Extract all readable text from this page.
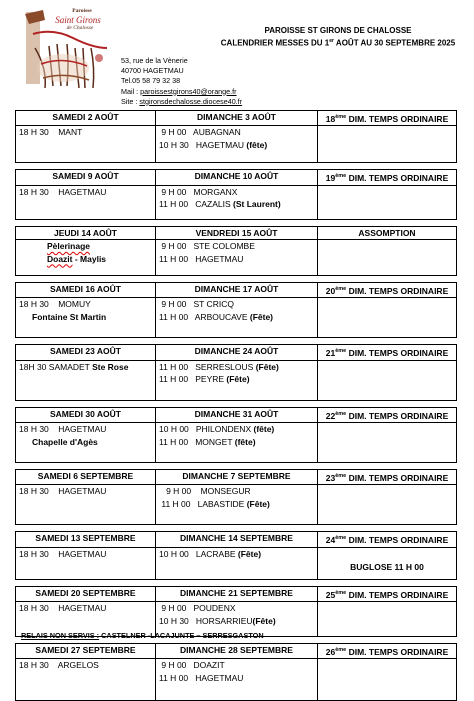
Paroisse
Saint Girons
de Chalosse	PAROISSE ST GIRONS DE CHALOSSE
CALENDRIER MESSES DU 1er AOÛT AU 30 SEPTEMBRE 2025
53, rue de la Vènerie
40700 HAGETMAU
Tel.05 58 79 32 38
Mail : paroissestgirons40@orange.fr
Site : stgironsdechalosse.diocese40.fr
SAMEDI 2 AOÛT	DIMANCHE 3 AOÛT	18ème DIM. TEMPS ORDINAIRE

18 H 30    MANT	9 H 00   AUBAGNAN
10 H 30   HAGETMAU (fête)	

SAMEDI 9 AOÛT	DIMANCHE 10 AOÛT	19ème DIM. TEMPS ORDINAIRE

18 H 30    HAGETMAU	9 H 00   MORGANX
11 H 00   CAZALIS (St Laurent)	

JEUDI 14 AOÛT	VENDREDI 15 AOÛT	ASSOMPTION

Pèlerinage
Doazit - Maylis	9 H 00   STE COLOMBE
11 H 00   HAGETMAU	

SAMEDI 16 AOÛT	DIMANCHE 17 AOÛT	20ème DIM. TEMPS ORDINAIRE

18 H 30    MOMUY
Fontaine St Martin	9 H 00   ST CRICQ
11 H 00   ARBOUCAVE (Fête)	

SAMEDI 23 AOÛT	DIMANCHE 24 AOÛT	21ème DIM. TEMPS ORDINAIRE

18H 30 SAMADET Ste Rose	11 H 00   SERRESLOUS (Fête)
11 H 00   PEYRE (Fête)	

SAMEDI 30 AOÛT	DIMANCHE 31 AOÛT	22ème DIM. TEMPS ORDINAIRE

18 H 30    HAGETMAU
Chapelle d'Agès	10 H 00   PHILONDENX (fête)
11 H 00   MONGET (fête)	

SAMEDI 6 SEPTEMBRE	DIMANCHE 7 SEPTEMBRE	23ème DIM. TEMPS ORDINAIRE

18 H 30    HAGETMAU	9 H 00    MONSEGUR
11 H 00   LABASTIDE (Fête)	

SAMEDI 13 SEPTEMBRE	DIMANCHE 14 SEPTEMBRE	24ème DIM. TEMPS ORDINAIRE

18 H 30    HAGETMAU	10 H 00   LACRABE (Fête)	BUGLOSE 11 H 00

SAMEDI 20 SEPTEMBRE	DIMANCHE 21 SEPTEMBRE	25ème DIM. TEMPS ORDINAIRE

18 H 30    HAGETMAU	9 H 00   POUDENX
10 H 30   HORSARRIEU(Fête)	

SAMEDI 27 SEPTEMBRE	DIMANCHE 28 SEPTEMBRE	26ème DIM. TEMPS ORDINAIRE

18 H 30    ARGELOS	9 H 00   DOAZIT
11 H 00   HAGETMAU	

RELAIS NON SERVIS : CASTELNER -LACAJUNTE – SERRESGASTON
